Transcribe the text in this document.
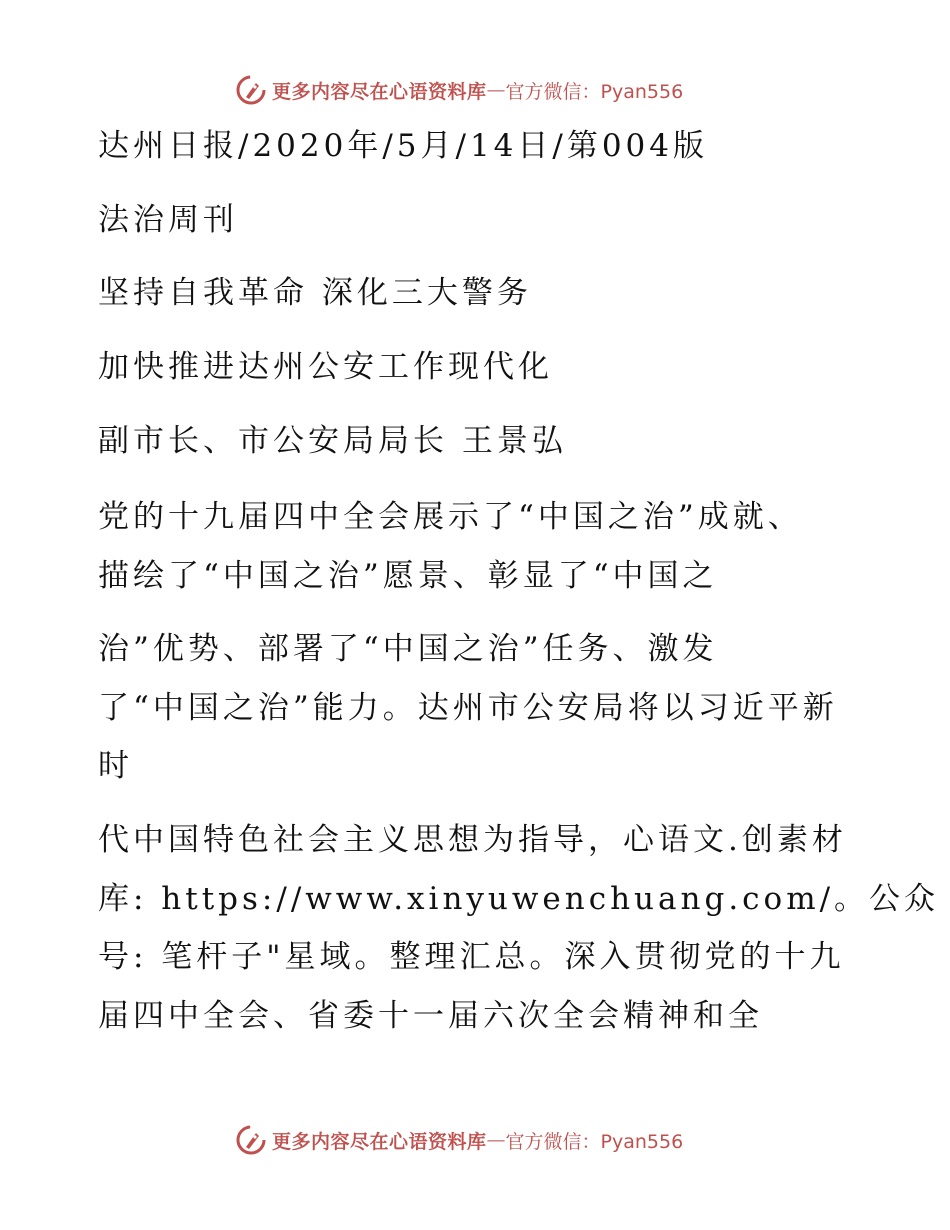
更多内容尽在心语资料库 — 官方微信：Pyan556
达州日报/2020年/5月/14日/第004版
法治周刊
坚持自我革命 深化三大警务
加快推进达州公安工作现代化
副市长、市公安局局长 王景弘
党的十九届四中全会展示了“中国之治”成就、
描绘了“中国之治”愿景、彰显了“中国之
治”优势、部署了“中国之治”任务、激发
了“中国之治”能力。达州市公安局将以习近平新
时
代中国特色社会主义思想为指导，心语文.创素材
库: https://www.xinyuwenchuang.com/。公众
号: 笔杆子"星域。整理汇总。深入贯彻党的十九
届四中全会、省委十一届六次全会精神和全
更多内容尽在心语资料库 — 官方微信：Pyan556
